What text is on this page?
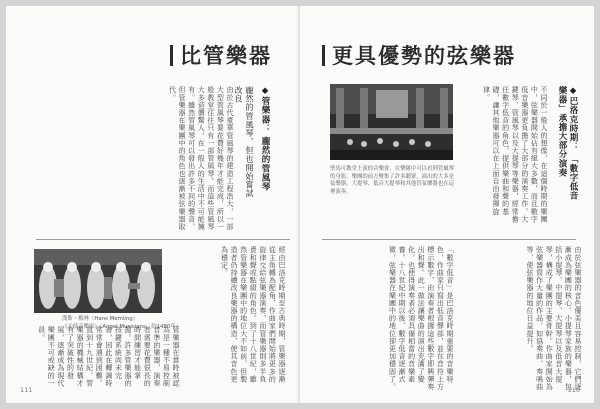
比管樂器
◆管樂器： 龐然的管風琴
龐然的管風琴，但也開始嘗試改良
由於古代豪華管風琴的建造工程浩大，一部大型管風琴要花費好幾年才能完成，所以一般教堂往往只有一部管風琴。而這些管風琴大多造價驚人，在一般人的生活中不可能擁有。雖然管風琴可以發出許多不同的聲音，但管樂器在樂團中的角色也逐漸被弦樂器取代。
經由巴洛克時期至古典時期，管樂器逐漸從主角轉為配角，作曲家們開始將更多的旋律交給弦樂器演奏，而管樂器則多半負責和聲或點綴的角色。到了十八世紀，雖然管樂器在樂團中的地位大不如前，但製造者仍持續改良樂器的構造，使其音色更為穩定。
漢斯・梅林（Hans Memling）
《天使音樂家》（Angel Musicians，約1480年）
管樂器在當時被認為是一種不易控制音準的樂器，演奏者需要花費很長的時間練習才能掌握。許多管樂器的按鍵系統尚未完善，因此在轉調時常常會遇到困難。直到十九世紀，管樂器的機械結構才有了突破性的發展，逐漸成為現代樂團不可或缺的一員。
111
更具優勢的弦樂器
聖馬可教堂上演的音樂會，在樂隊中可以看到管風琴的身影，樂團的前方聚集了許多聽眾，演出的大多是弦樂器，大提琴、低音大提琴和其他管弦樂器也在這裡演奏。	◆巴洛克時期： 「數字低音樂器」承擔大部分演奏
不同於一般人的想像，在這個時期的樂團中，弦樂器開始佔有絕大多數，而且數字低音樂器更負擔了大部分的演奏工作。大鍵琴、管風琴以及大提琴等樂器，經常擔任數字低音的角色，提供樂曲和聲的基礎，讓其他樂器可以在上面自由發揮旋律。
由於弦樂器的音色優美且容易控制，它們逐漸成為樂團的核心。小提琴家族的樂器，包括小提琴、中提琴、大提琴以及低音大提琴，構成了樂團的主要骨幹。作曲家開始為弦樂器寫作大量的作品，如協奏曲、奏鳴曲等，使弦樂器的地位日益提升。
「數字低音」是巴洛克時期重要的音樂特色，作曲家只寫出低音聲部，並在音符上方標示數字，由演奏者根據這些數字即興彈奏出和聲。此一做法讓樂曲的演出充滿了變化，也使得演奏者必須具備相當的音樂素養。十八世紀中期以後，數字低音逐漸式微，弦樂器在樂團中的地位卻更加穩固了。	110
